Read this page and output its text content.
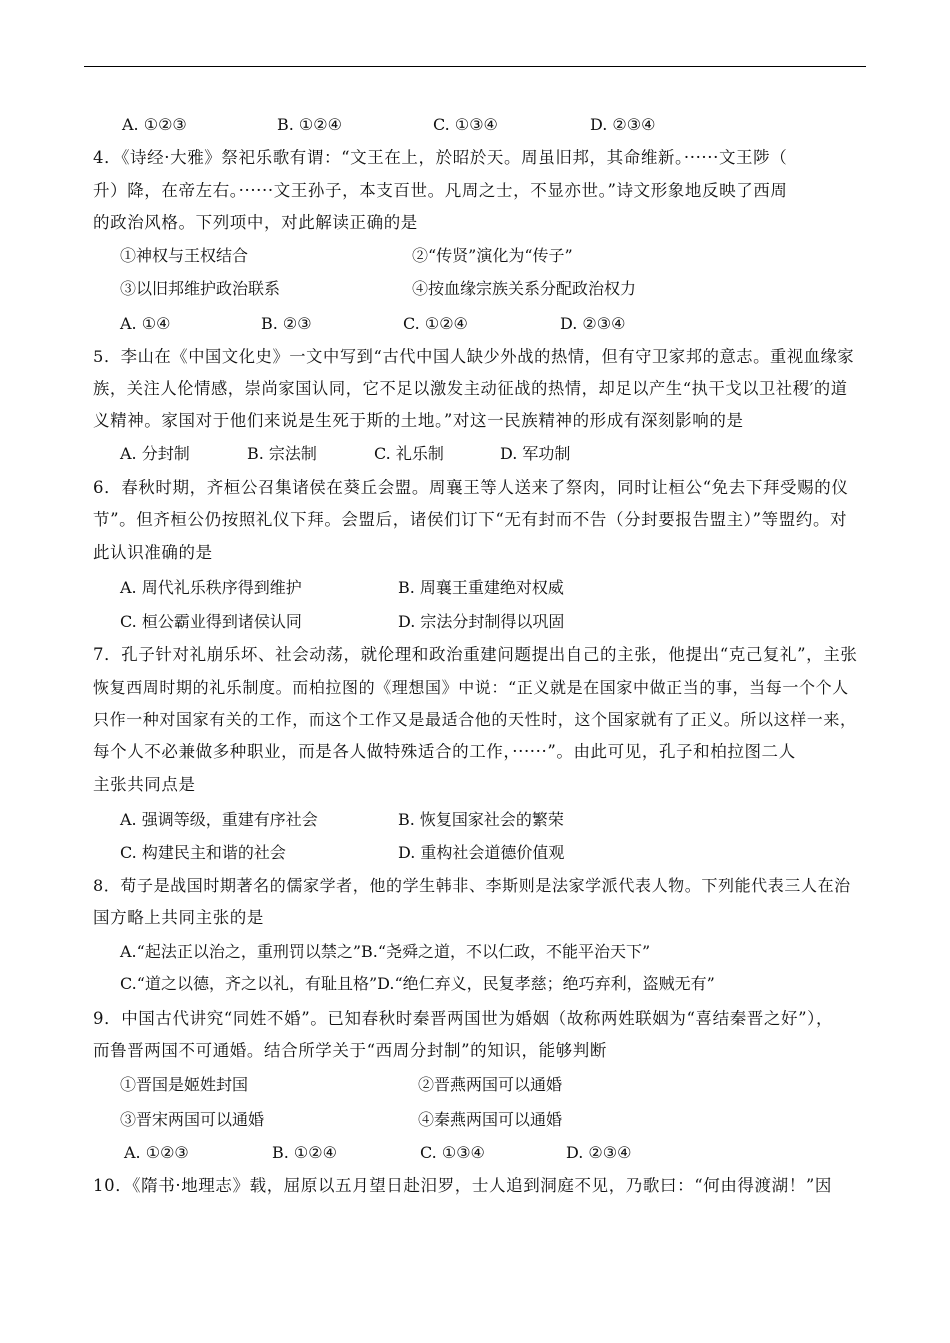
A. ①②③	B. ①②④	C. ①③④	D. ②③④
4．《诗经·大雅》祭祀乐歌有谓：“文王在上，於昭於天。周虽旧邦，其命维新。······文王陟（
升）降，在帝左右。······文王孙子，本支百世。凡周之士，不显亦世。”诗文形象地反映了西周
的政治风格。下列项中，对此解读正确的是
①神权与王权结合	②“传贤”演化为“传子”
③以旧邦维护政治联系	④按血缘宗族关系分配政治权力
A. ①④	B. ②③	C. ①②④	D. ②③④
5．李山在《中国文化史》一文中写到“古代中国人缺少外战的热情，但有守卫家邦的意志。重视血缘家
族，关注人伦情感，崇尚家国认同，它不足以激发主动征战的热情，却足以产生“执干戈以卫社稷′的道
义精神。家国对于他们来说是生死于斯的土地。”对这一民族精神的形成有深刻影响的是
A. 分封制	B. 宗法制	C. 礼乐制	D. 军功制
6．春秋时期，齐桓公召集诸侯在葵丘会盟。周襄王等人送来了祭肉，同时让桓公“免去下拜受赐的仪
节”。但齐桓公仍按照礼仪下拜。会盟后，诸侯们订下“无有封而不告（分封要报告盟主）”等盟约。对
此认识准确的是
A. 周代礼乐秩序得到维护	B. 周襄王重建绝对权威
C. 桓公霸业得到诸侯认同	D. 宗法分封制得以巩固
7．孔子针对礼崩乐坏、社会动荡，就伦理和政治重建问题提出自己的主张，他提出“克己复礼”，主张
恢复西周时期的礼乐制度。而柏拉图的《理想国》中说：“正义就是在国家中做正当的事，当每一个个人
只作一种对国家有关的工作，而这个工作又是最适合他的天性时，这个国家就有了正义。所以这样一来，
每个人不必兼做多种职业，而是各人做特殊适合的工作，······”。由此可见，孔子和柏拉图二人
主张共同点是
A. 强调等级，重建有序社会	B. 恢复国家社会的繁荣
C. 构建民主和谐的社会	D. 重构社会道德价值观
8．荀子是战国时期著名的儒家学者，他的学生韩非、李斯则是法家学派代表人物。下列能代表三人在治
国方略上共同主张的是
A.“起法正以治之，重刑罚以禁之”B.“尧舜之道，不以仁政，不能平治天下”
C.“道之以德，齐之以礼，有耻且格”D.“绝仁弃义，民复孝慈；绝巧弃利，盗贼无有”
9．中国古代讲究“同姓不婚”。已知春秋时秦晋两国世为婚姻（故称两姓联姻为“喜结秦晋之好”），
而鲁晋两国不可通婚。结合所学关于“西周分封制”的知识，能够判断
①晋国是姬姓封国	②晋燕两国可以通婚
③晋宋两国可以通婚	④秦燕两国可以通婚
A. ①②③	B. ①②④	C. ①③④	D. ②③④
10．《隋书·地理志》载，屈原以五月望日赴汨罗，士人追到洞庭不见，乃歌曰：“何由得渡湖！”因
